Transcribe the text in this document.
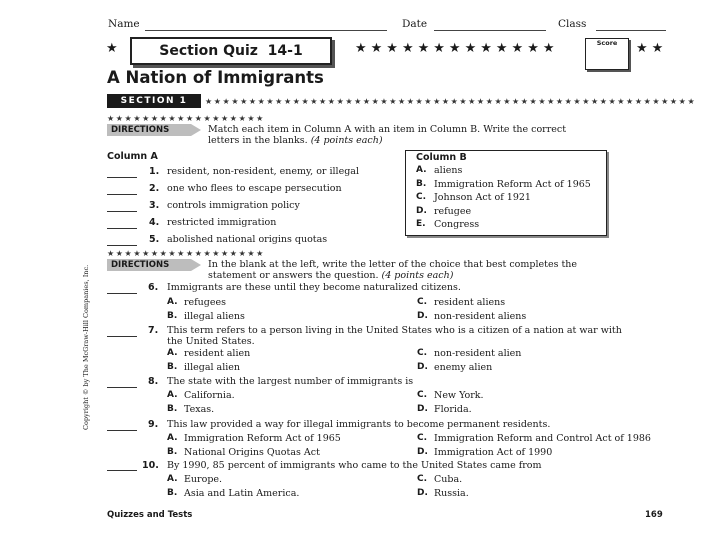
Name	Date	Class
★	Section Quiz  14-1	★★★★★★★★★★★★★	Score	★★
A Nation of Immigrants
SECTION 1	★★★★★★★★★★★★★★★★★★★★★★★★★★★★★★★★★★★★★★★★★★★★★★★★★★★★★★★★
★★★★★★★★★★★★★★★★★★
DIRECTIONS	Match each item in Column A with an item in Column B. Write the correct
letters in the blanks. (4 points each)
Column A
1. resident, non-resident, enemy, or illegal
2. one who flees to escape persecution
3. controls immigration policy
4. restricted immigration
5. abolished national origins quotas
Column B
A. aliens
B. Immigration Reform Act of 1965
C. Johnson Act of 1921
D. refugee
E. Congress
★★★★★★★★★★★★★★★★★★
DIRECTIONS	In the blank at the left, write the letter of the choice that best completes the
statement or answers the question. (4 points each)
6. Immigrants are these until they become naturalized citizens.
A. refugees	C. resident aliens
B. illegal aliens	D. non-resident aliens
7. This term refers to a person living in the United States who is a citizen of a nation at war with
the United States.
A. resident alien	C. non-resident alien
B. illegal alien	D. enemy alien
8. The state with the largest number of immigrants is
A. California.	C. New York.
B. Texas.	D. Florida.
9. This law provided a way for illegal immigrants to become permanent residents.
A. Immigration Reform Act of 1965	C. Immigration Reform and Control Act of 1986
B. National Origins Quotas Act	D. Immigration Act of 1990
10. By 1990, 85 percent of immigrants who came to the United States came from
A. Europe.	C. Cuba.
B. Asia and Latin America.	D. Russia.
Copyright © by The McGraw-Hill Companies, Inc.
Quizzes and Tests	169
